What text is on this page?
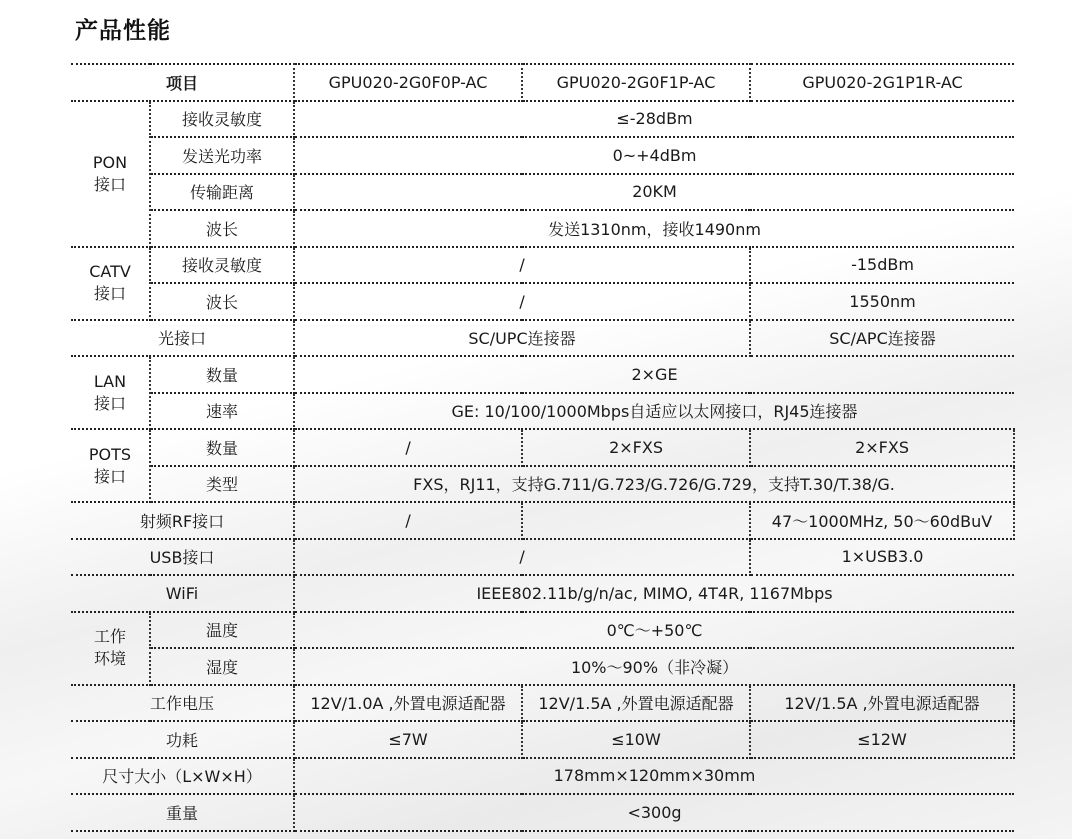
产品性能
项目		GPU020-2G0F0P-AC	GPU020-2G0F1P-AC	GPU020-2G1P1R-AC

PON
接口	接收灵敏度	≤-28dBm		
	发送光功率	0~+4dBm		
	传输距离	20KM		
	波长	发送1310nm，接收1490nm		

CATV
接口	接收灵敏度	/		-15dBm
	波长	/		1550nm
光接口		SC/UPC连接器		SC/APC连接器

LAN
接口	数量	2×GE		
	速率	GE: 10/100/1000Mbps自适应以太网接口，RJ45连接器		

POTS
接口	数量	/	2×FXS	2×FXS
	类型	FXS，RJ11，支持G.711/G.723/G.726/G.729，支持T.30/T.38/G.		
射频RF接口		/		47～1000MHz, 50～60dBuV
USB接口		/		1×USB3.0
WiFi		IEEE802.11b/g/n/ac, MIMO, 4T4R, 1167Mbps		

工作
环境	温度	0℃～+50℃		
	湿度	10%～90%（非冷凝）		
工作电压		12V/1.0A ,外置电源适配器	12V/1.5A ,外置电源适配器	12V/1.5A ,外置电源适配器
功耗		≤7W	≤10W	≤12W
尺寸大小（L×W×H）		178mm×120mm×30mm		
重量		<300g		
